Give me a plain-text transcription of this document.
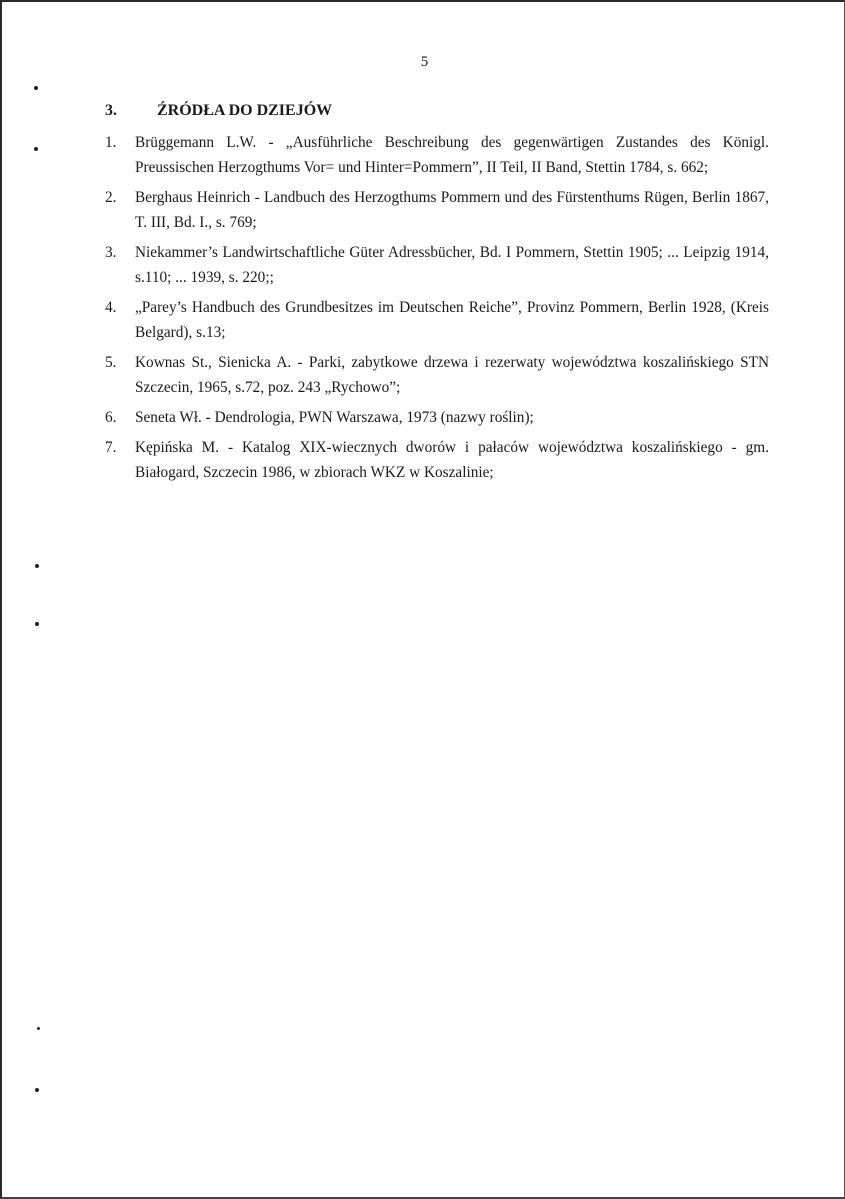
5
3.	ŹRÓDŁA DO DZIEJÓW
1.	Brüggemann L.W. - „Ausführliche Beschreibung des gegenwärtigen Zustandes des Königl. Preussischen Herzogthums Vor= und Hinter=Pommern”, II Teil, II Band, Stettin 1784, s. 662;
2.	Berghaus Heinrich - Landbuch des Herzogthums Pommern und des Fürstenthums Rügen, Berlin 1867, T. III, Bd. I., s. 769;
3.	Niekammer’s Landwirtschaftliche Güter Adressbücher, Bd. I Pommern, Stettin 1905; ... Leipzig 1914, s.110; ... 1939, s. 220;;
4.	„Parey’s Handbuch des Grundbesitzes im Deutschen Reiche”, Provinz Pommern, Berlin 1928, (Kreis Belgard), s.13;
5.	Kownas St., Sienicka A. - Parki, zabytkowe drzewa i rezerwaty województwa koszalińskiego STN Szczecin, 1965, s.72, poz. 243 „Rychowo”;
6.	Seneta Wł. - Dendrologia, PWN Warszawa, 1973 (nazwy roślin);
7.	Kępińska M. - Katalog XIX-wiecznych dworów i pałaców województwa koszalińskiego - gm. Białogard, Szczecin 1986, w zbiorach WKZ w Koszalinie;
